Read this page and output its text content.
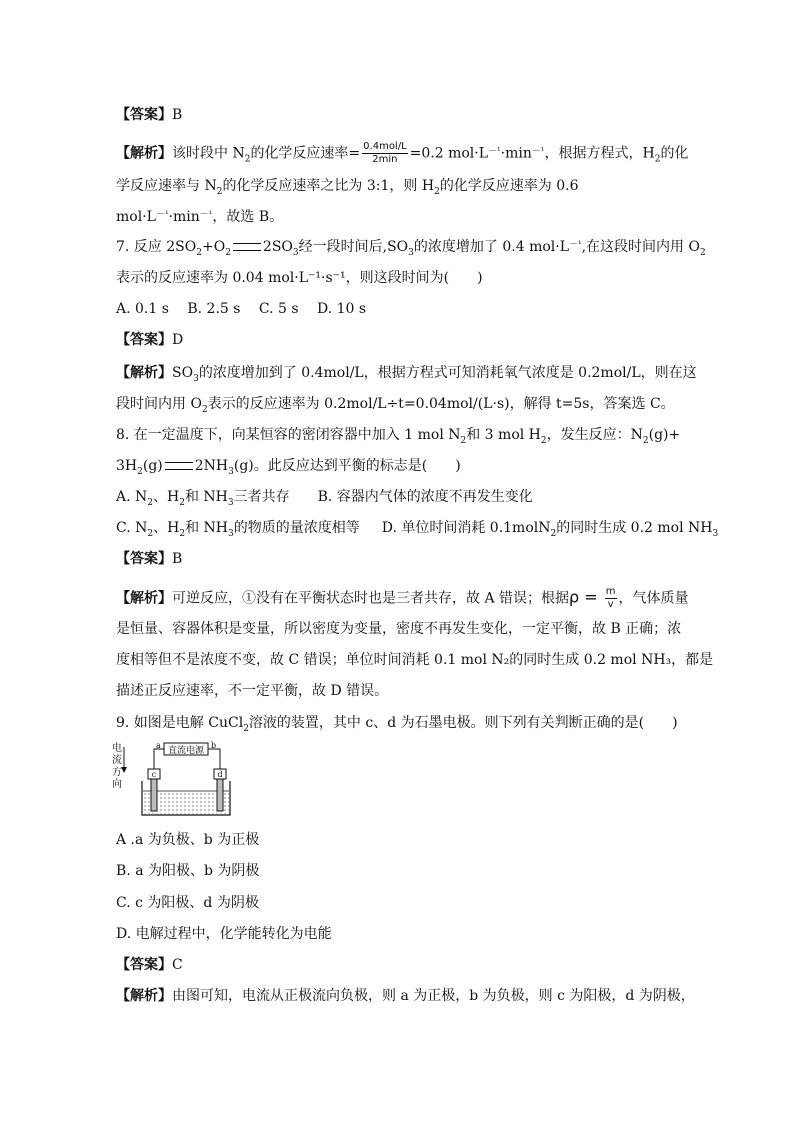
【答案】B
【解析】该时段中 $N_2$的化学反应速率= $\frac{\text{0.4mol/L}}{2\min} =0.2$ $mol\cdot L^{-^1}\cdot\min^{-^1}$，根据方程式，$H_2$的化
学反应速率与 $N_2$的化学反应速率之比为 3:1，则 $H_2$的化学反应速率为 0.6
$mol\cdot L^{-^1}\cdot\min^{-^1}$，故选 B。
7. 反应 $2SO_2+O_2$ $2SO_3$经一段时间后$,SO_3$的浓度增加了 0.4 $mol\cdot L^{-^1}$,在这段时间内用 $O_2$
表示的反应速率为 0.04 mol·L⁻¹·s⁻¹，则这段时间为(　　)
A. 0.1 s　 B. 2.5 s　 C. 5 s　 D. 10 s
【答案】D
【解析】$SO_3$的浓度增加到了 0.4mol/L，根据方程式可知消耗氧气浓度是 0.2mol/L，则在这
段时间内用 $O_2$表示的反应速率为 0.2mol/L÷t=0.04mol/(L·s)，解得 t=5s，答案选 C。
8. 在一定温度下，向某恒容的密闭容器中加入 1 mol $N_2$和 3 mol $H_2$，发生反应：$N_2(g)+$
$3H_2(g)$ $2NH_3(g)$。此反应达到平衡的标志是(　　)
A. $N_2$、$H_2$和 $NH_3$三者共存 B. 容器内气体的浓度不再发生变化
C. $N_2$、$H_2$和 $NH_3$的物质的量浓度相等 D. 单位时间消耗 0.1molN$_2$的同时生成 0.2 mol $NH_3$
【答案】B
【解析】可逆反应，①没有在平衡状态时也是三者共存，故 A 错误；根据$\rho = \frac{m}{v}$ ，气体质量
是恒量、容器体积是变量，所以密度为变量，密度不再发生变化，一定平衡，故 B 正确；浓
度相等但不是浓度不变，故 C 错误；单位时间消耗 0.1 mol N₂的同时生成 0.2 mol NH₃，都是
描述正反应速率，不一定平衡，故 D 错误。
9. 如图是电解 CuCl$_2$溶液的装置，其中 c、d 为石墨电极。则下列有关判断正确的是(　　)
电 流 方 向
直流电源
a	b
c	d
A .a 为负极、b 为正极
B. a 为阳极、b 为阴极
C. c 为阳极、d 为阴极
D. 电解过程中，化学能转化为电能
【答案】C
【解析】由图可知，电流从正极流向负极，则 a 为正极，b 为负极，则 c 为阳极，d 为阴极，
